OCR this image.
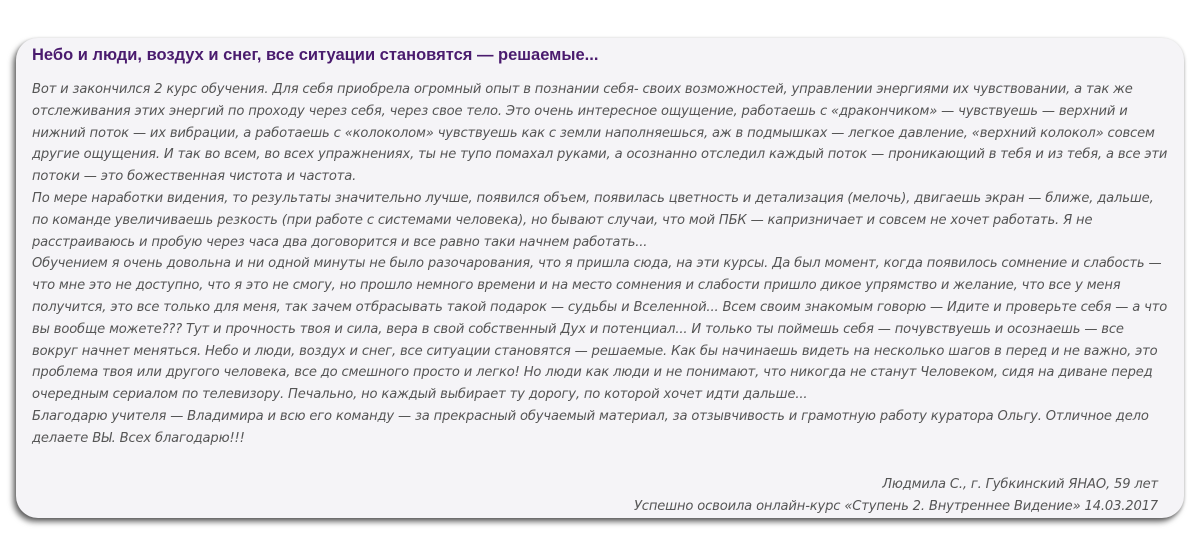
Небо и люди, воздух и снег, все ситуации становятся — решаемые...

Вот и закончился 2 курс обучения. Для себя приобрела огромный опыт в познании себя- своих возможностей, управлении энергиями их чувствовании, а так же отслеживания этих энергий по проходу через себя, через свое тело. Это очень интересное ощущение, работаешь с «дракончиком» — чувствуешь — верхний и нижний поток — их вибрации, а работаешь с «колоколом» чувствуешь как с земли наполняешься, аж в подмышках — легкое давление, «верхний колокол» совсем другие ощущения. И так во всем, во всех упражнениях, ты не тупо помахал руками, а осознанно отследил каждый поток — проникающий в тебя и из тебя, а все эти потоки — это божественная чистота и частота.

По мере наработки видения, то результаты значительно лучше, появился объем, появилась цветность и детализация (мелочь), двигаешь экран — ближе, дальше, по команде увеличиваешь резкость (при работе с системами человека), но бывают случаи, что мой ПБК — капризничает и совсем не хочет работать. Я не расстраиваюсь и пробую через часа два договорится и все равно таки начнем работать...

Обучением я очень довольна и ни одной минуты не было разочарования, что я пришла сюда, на эти курсы. Да был момент, когда появилось сомнение и слабость — что мне это не доступно, что я это не смогу, но прошло немного времени и на место сомнения и слабости пришло дикое упрямство и желание, что все у меня получится, это все только для меня, так зачем отбрасывать такой подарок — судьбы и Вселенной... Всем своим знакомым говорю — Идите и проверьте себя — а что вы вообще можете??? Тут и прочность твоя и сила, вера в свой собственный Дух и потенциал... И только ты поймешь себя — почувствуешь и осознаешь — все вокруг начнет меняться. Небо и люди, воздух и снег, все ситуации становятся — решаемые. Как бы начинаешь видеть на несколько шагов в перед и не важно, это проблема твоя или другого человека, все до смешного просто и легко! Но люди как люди и не понимают, что никогда не станут Человеком, сидя на диване перед очередным сериалом по телевизору. Печально, но каждый выбирает ту дорогу, по которой хочет идти дальше...

Благодарю учителя — Владимира и всю его команду — за прекрасный обучаемый материал, за отзывчивость и грамотную работу куратора Ольгу. Отличное дело делаете ВЫ. Всех благодарю!!!

Людмила С., г. Губкинский ЯНАО, 59 лет
Успешно освоила онлайн-курс «Ступень 2. Внутреннее Видение» 14.03.2017
